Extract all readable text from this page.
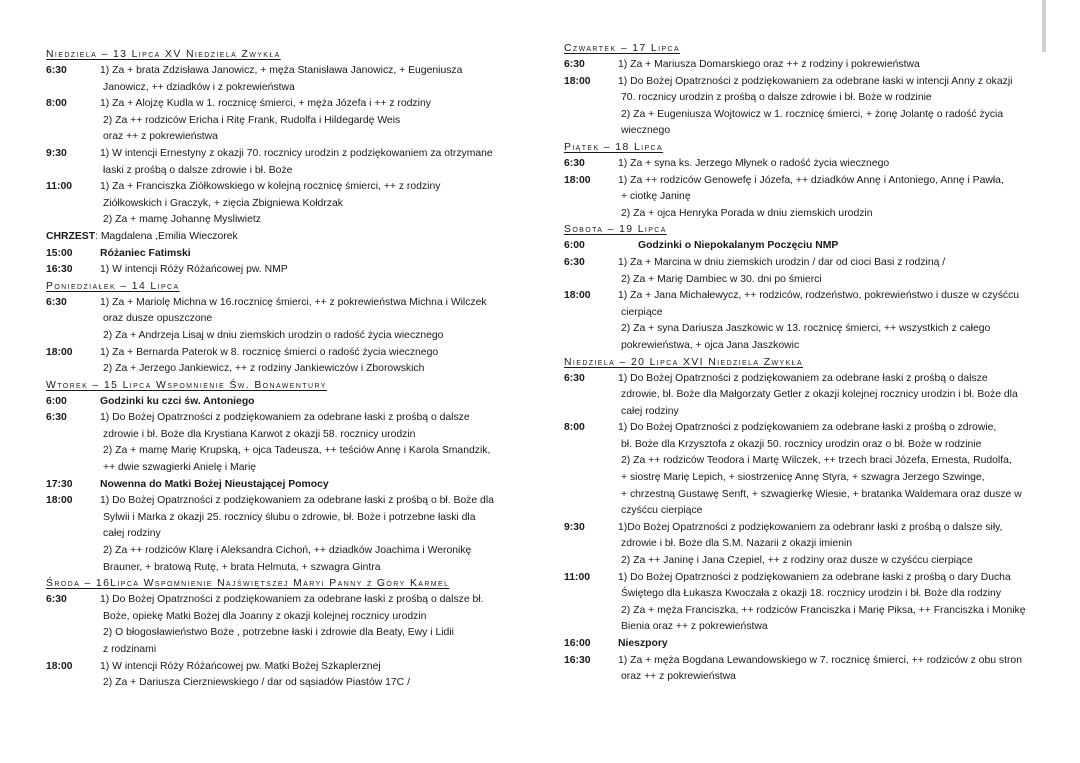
Niedziela – 13 Lipca XV Niedziela Zwykła
6:30	1) Za + brata Zdzisława Janowicz, + męża Stanisława Janowicz, + Eugeniusza
Janowicz, ++ dziadków i z pokrewieństwa
8:00	1) Za + Alojzę Kudla w 1. rocznicę śmierci, + męża Józefa i ++ z rodziny
2) Za ++ rodziców Ericha i Ritę Frank, Rudolfa i Hildegardę Weis
oraz ++ z pokrewieństwa
9:30	1) W intencji Ernestyny z okazji 70. rocznicy urodzin z podziękowaniem za otrzymane
łaski z prośbą o dalsze zdrowie i bł. Boże
11:00	1) Za + Franciszka Ziółkowskiego w kolejną rocznicę śmierci, ++ z rodziny
Ziółkowskich i Graczyk, + zięcia Zbigniewa Kołdrzak
2) Za + mamę Johannę Mysliwietz
CHRZEST: Magdalena ,Emilia Wieczorek
15:00	Różaniec Fatimski
16:30	1) W intencji Róży Różańcowej pw. NMP
Poniedziałek – 14 Lipca
6:30	1) Za + Mariolę Michna w 16.rocznicę śmierci, ++ z pokrewieństwa Michna i Wilczek
oraz dusze opuszczone
2) Za + Andrzeja Lisaj w dniu ziemskich urodzin o radość życia wiecznego
18:00	1) Za + Bernarda Paterok w 8. rocznicę śmierci o radość życia wiecznego
2) Za + Jerzego Jankiewicz, ++ z rodziny Jankiewiczów i Zborowskich
Wtorek – 15 Lipca Wspomnienie Św. Bonawentury
6:00	Godzinki ku czci św. Antoniego
6:30	1) Do Bożej Opatrzności z podziękowaniem za odebrane łaski z prośbą o dalsze
zdrowie i bł. Boże dla Krystiana Karwot z okazji 58. rocznicy urodzin
2) Za + mamę Marię Krupską, + ojca Tadeusza, ++ teściów Annę i Karola Smandzik,
++ dwie szwagierki Anielę i Marię
17:30	Nowenna do Matki Bożej Nieustającej Pomocy
18:00	1) Do Bożej Opatrzności z podziękowaniem za odebrane łaski z prośbą o bł. Boże dla
Sylwii i Marka z okazji 25. rocznicy ślubu o zdrowie, bł. Boże i potrzebne łaski dla
całej rodziny
2) Za ++ rodziców Klarę i Aleksandra Cichoń, ++ dziadków Joachima i Weronikę
Brauner, + bratową Rutę, + brata Helmuta, + szwagra Gintra
Środa – 16Lipca Wspomnienie Najświętszej Maryi Panny z Góry Karmel
6:30	1) Do Bożej Opatrzności z podziękowaniem za odebrane łaski z prośbą o dalsze bł.
Boże, opiekę Matki Bożej dla Joanny z okazji kolejnej rocznicy urodzin
2) O błogosławieństwo Boże , potrzebne łaski i zdrowie dla Beaty, Ewy i Lidii
z rodzinami
18:00	1) W intencji Róży Różańcowej pw. Matki Bożej Szkaplerznej
2) Za + Dariusza Cierzniewskiego / dar od sąsiadów Piastów 17C /
Czwartek – 17 Lipca
6:30	1) Za + Mariusza Domarskiego oraz ++ z rodziny i pokrewieństwa
18:00	1) Do Bożej Opatrzności z podziękowaniem za odebrane łaski w intencji Anny z okazji
70. rocznicy urodzin z prośbą o dalsze zdrowie i bł. Boże w rodzinie
2) Za + Eugeniusza Wojtowicz w 1. rocznicę śmierci, + żonę Jolantę o radość życia
wiecznego
Piątek – 18 Lipca
6:30	1) Za + syna ks. Jerzego Młynek o radość życia wiecznego
18:00	1) Za ++ rodziców Genowefę i Józefa, ++ dziadków Annę i Antoniego, Annę i Pawła,
+ ciotkę Janinę
2) Za + ojca Henryka Porada w dniu ziemskich urodzin
Sobota – 19 Lipca
6:00	Godzinki o Niepokalanym Poczęciu NMP
6:30	1) Za + Marcina w dniu ziemskich urodzin / dar od cioci Basi z rodziną /
2) Za + Marię Dambiec w 30. dni po śmierci
18:00	1) Za + Jana Michałewycz, ++ rodziców, rodzeństwo, pokrewieństwo i dusze w czyśćcu
cierpiące
2) Za + syna Dariusza Jaszkowic w 13. rocznicę śmierci, ++ wszystkich z całego
pokrewieństwa, + ojca Jana Jaszkowic
Niedziela – 20 Lipca XVI Niedziela Zwykła
6:30	1) Do Bożej Opatrzności z podziękowaniem za odebrane łaski z prośbą o dalsze
zdrowie, bł. Boże dla Małgorzaty Getler z okazji kolejnej rocznicy urodzin i bł. Boże dla
całej rodziny
8:00	1) Do Bożej Opatrzności z podziękowaniem za odebrane łaski z prośbą o zdrowie,
bł. Boże dla Krzysztofa z okazji 50. rocznicy urodzin oraz o bł. Boże w rodzinie
2) Za ++ rodziców Teodora i Martę Wilczek, ++ trzech braci Józefa, Ernesta, Rudolfa,
+ siostrę Marię Lepich, + siostrzenicę Annę Styra, + szwagra Jerzego Szwinge,
+ chrzestną Gustawę Senft, + szwagierkę Wiesie, + bratanka Waldemara oraz dusze w
czyśćcu cierpiące
9:30	1)Do Bożej Opatrzności z podziękowaniem za odebranr łaski z prośbą o dalsze siły,
zdrowie i bł. Boże dla S.M. Nazarii z okazji imienin
2) Za ++ Janinę i Jana Czepiel, ++ z rodziny oraz dusze w czyśćcu cierpiące
11:00	1) Do Bożej Opatrzności z podziękowaniem za odebrane łaski z prośbą o dary Ducha
Świętego dla Łukasza Kwoczała z okazji 18. rocznicy urodzin i bł. Boże dla rodziny
2) Za + męża Franciszka, ++ rodziców Franciszka i Marię Piksa, ++ Franciszka i Monikę
Bienia oraz ++ z pokrewieństwa
16:00	Nieszpory
16:30	1) Za + męża Bogdana Lewandowskiego w 7. rocznicę śmierci, ++ rodziców z obu stron
oraz ++ z pokrewieństwa
